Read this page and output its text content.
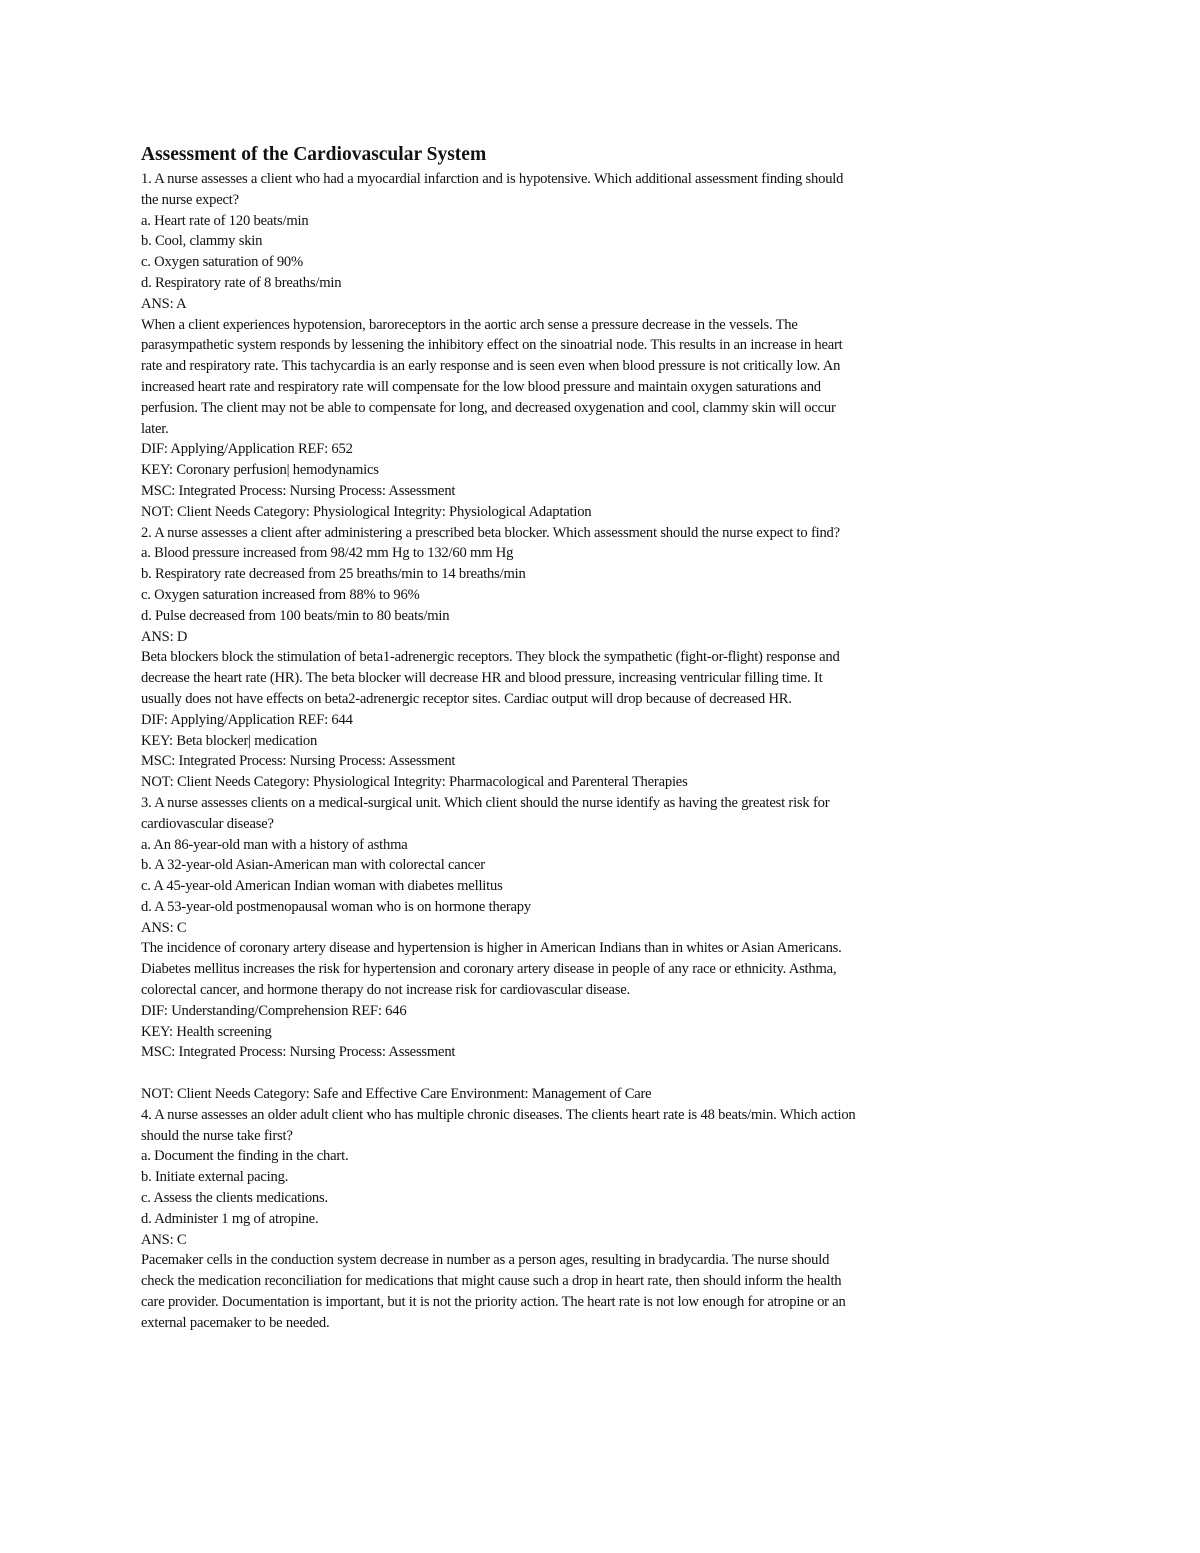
Assessment of the Cardiovascular System

1. A nurse assesses a client who had a myocardial infarction and is hypotensive. Which additional assessment finding should the nurse expect?

a. Heart rate of 120 beats/min

b. Cool, clammy skin

c. Oxygen saturation of 90%

d. Respiratory rate of 8 breaths/min

ANS: A

When a client experiences hypotension, baroreceptors in the aortic arch sense a pressure decrease in the vessels. The parasympathetic system responds by lessening the inhibitory effect on the sinoatrial node. This results in an increase in heart rate and respiratory rate. This tachycardia is an early response and is seen even when blood pressure is not critically low. An increased heart rate and respiratory rate will compensate for the low blood pressure and maintain oxygen saturations and perfusion. The client may not be able to compensate for long, and decreased oxygenation and cool, clammy skin will occur later.

DIF: Applying/Application REF: 652

KEY: Coronary perfusion| hemodynamics

MSC: Integrated Process: Nursing Process: Assessment

NOT: Client Needs Category: Physiological Integrity: Physiological Adaptation

2. A nurse assesses a client after administering a prescribed beta blocker. Which assessment should the nurse expect to find?

a. Blood pressure increased from 98/42 mm Hg to 132/60 mm Hg

b. Respiratory rate decreased from 25 breaths/min to 14 breaths/min

c. Oxygen saturation increased from 88% to 96%

d. Pulse decreased from 100 beats/min to 80 beats/min

ANS: D

Beta blockers block the stimulation of beta1-adrenergic receptors. They block the sympathetic (fight-or-flight) response and decrease the heart rate (HR). The beta blocker will decrease HR and blood pressure, increasing ventricular filling time. It usually does not have effects on beta2-adrenergic receptor sites. Cardiac output will drop because of decreased HR.

DIF: Applying/Application REF: 644

KEY: Beta blocker| medication

MSC: Integrated Process: Nursing Process: Assessment

NOT: Client Needs Category: Physiological Integrity: Pharmacological and Parenteral Therapies

3. A nurse assesses clients on a medical-surgical unit. Which client should the nurse identify as having the greatest risk for cardiovascular disease?

a. An 86-year-old man with a history of asthma

b. A 32-year-old Asian-American man with colorectal cancer

c. A 45-year-old American Indian woman with diabetes mellitus

d. A 53-year-old postmenopausal woman who is on hormone therapy

ANS: C

The incidence of coronary artery disease and hypertension is higher in American Indians than in whites or Asian Americans. Diabetes mellitus increases the risk for hypertension and coronary artery disease in people of any race or ethnicity. Asthma, colorectal cancer, and hormone therapy do not increase risk for cardiovascular disease.

DIF: Understanding/Comprehension REF: 646

KEY: Health screening

MSC: Integrated Process: Nursing Process: Assessment

NOT: Client Needs Category: Safe and Effective Care Environment: Management of Care

4. A nurse assesses an older adult client who has multiple chronic diseases. The clients heart rate is 48 beats/min. Which action should the nurse take first?

a. Document the finding in the chart.

b. Initiate external pacing.

c. Assess the clients medications.

d. Administer 1 mg of atropine.

ANS: C

Pacemaker cells in the conduction system decrease in number as a person ages, resulting in bradycardia. The nurse should check the medication reconciliation for medications that might cause such a drop in heart rate, then should inform the health care provider. Documentation is important, but it is not the priority action. The heart rate is not low enough for atropine or an external pacemaker to be needed.
